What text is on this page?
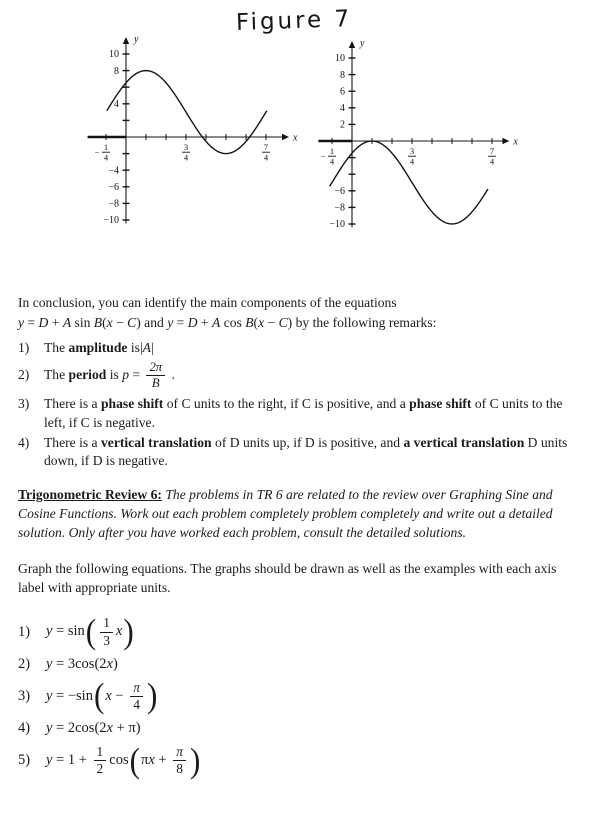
Figure 7
y
x
10
8
4
−4
−6
−8
−10
1
4
−	3
4
7
4
y
x
10
8
6
4
2
−6
−8
−10
1
4
−	3
4
7
4

In conclusion, you can identify the main components of the equations

y = D + A sin B(x − C) and y = D + A cos B(x − C) by the following remarks:

1)	The amplitude is|A|
2)	The period is $p = \frac{2\pi}{B}$ .
3)	There is a phase shift of C units to the right, if C is positive, and a phase shift of C units to the left, if C is negative.
4)	There is a vertical translation of D units up, if D is positive, and a vertical translation D units down, if D is negative.

Trigonometric Review 6: The problems in TR 6 are related to the review over Graphing Sine and Cosine Functions. Work out each problem completely problem completely and write out a detailed solution. Only after you have worked each problem, consult the detailed solutions.

Graph the following equations. The graphs should be drawn as well as the examples with each axis label with appropriate units.

1)	$y = \sin( \frac{1}{3} x)$
2)	y = 3cos(2x)
3)	$y = -\sin(x - \frac{\pi}{4}$ )
4)	y = 2cos(2x + π)
5)	$y = 1 + \frac{1}{2} \cos(\pi x + \frac{\pi}{8}$ )
